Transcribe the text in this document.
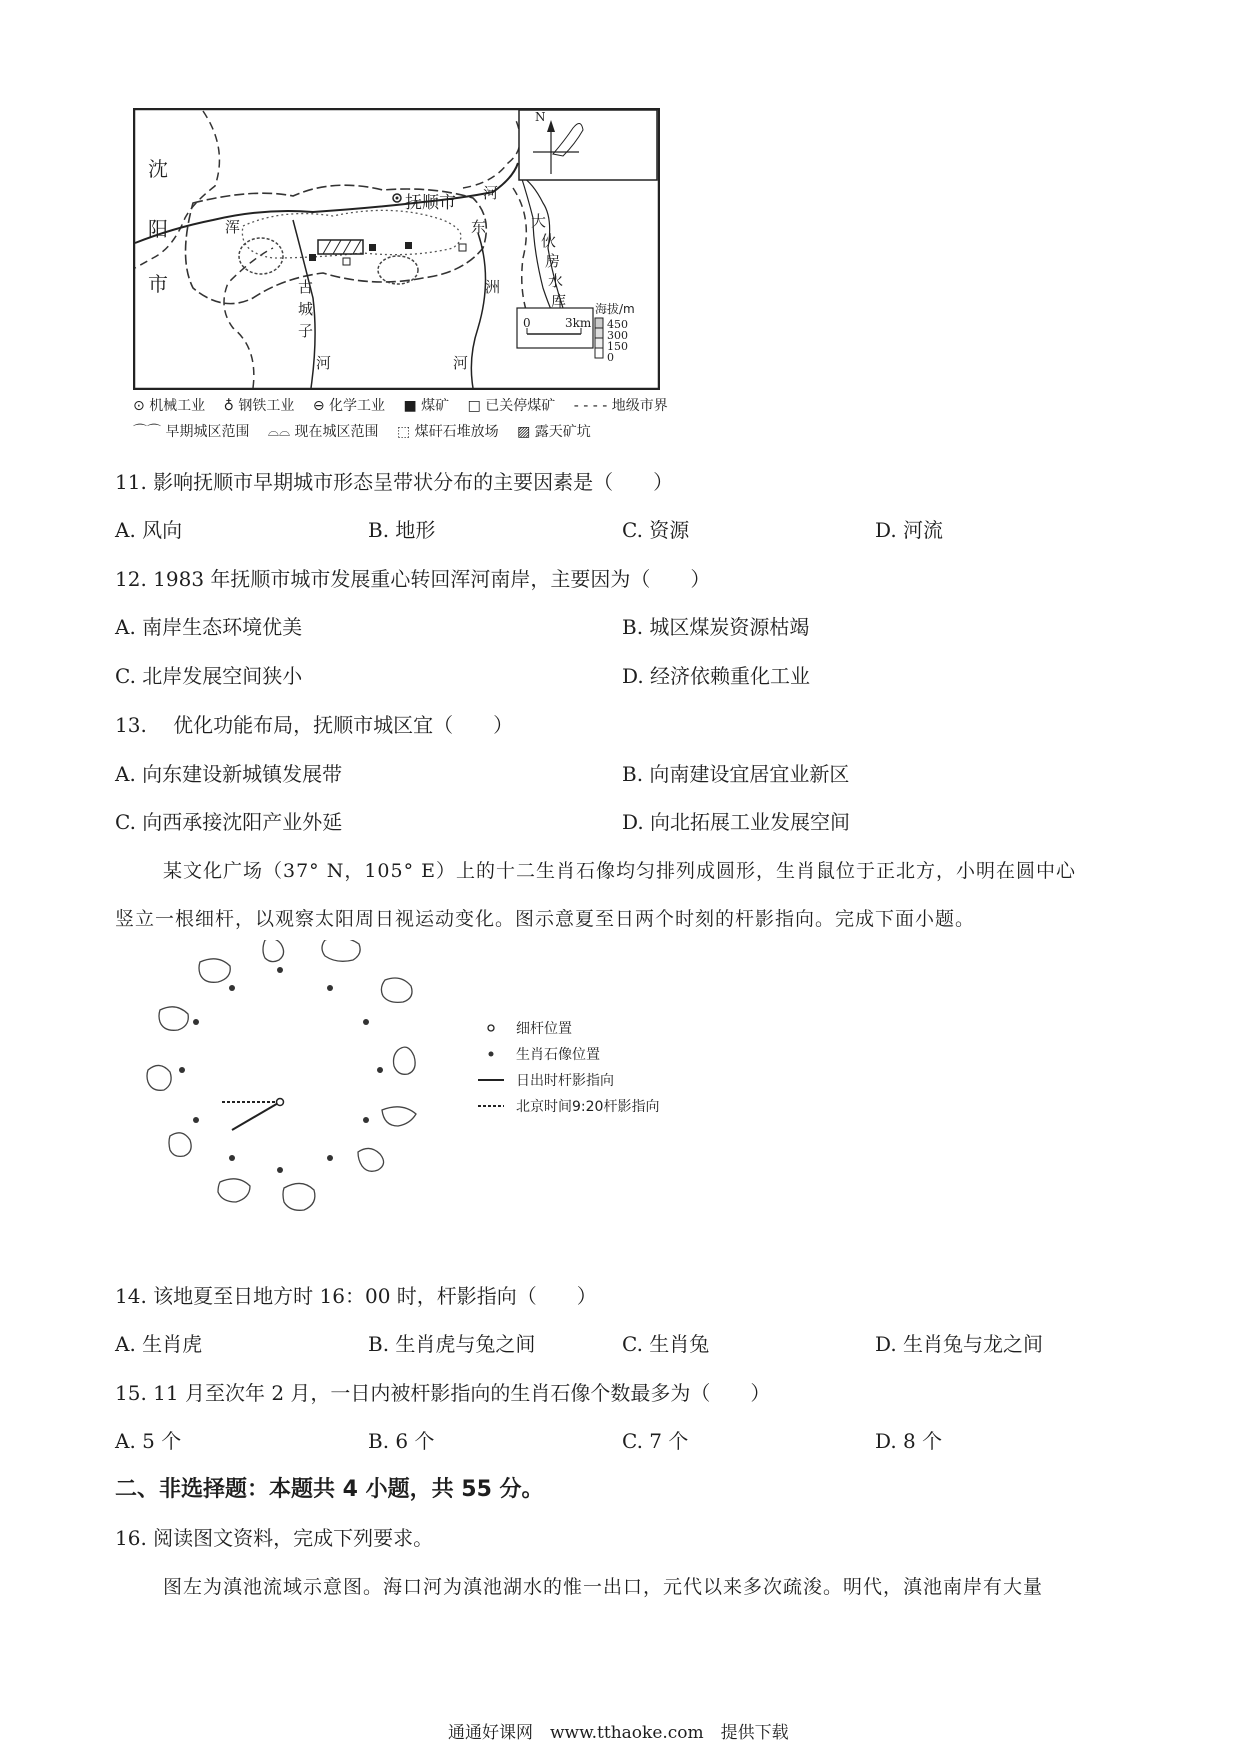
沈
阳
市
抚顺市 河
浑	东
洲
古
城
子
河	河
大
伙
房
水
库
N
海拔/m
450
300
150
0
0	3km
⊙ 机械工业　 ♁ 钢铁工业　 ⊖ 化学工业　 ■ 煤矿　 □ 已关停煤矿　 - - - - 地级市界
⌒⌒ 早期城区范围　 ⌓⌓ 现在城区范围　 ⬚ 煤矸石堆放场　 ▨ 露天矿坑
11. 影响抚顺市早期城市形态呈带状分布的主要因素是（　　）
A. 风向	B. 地形	C. 资源	D. 河流
12. 1983 年抚顺市城市发展重心转回浑河南岸，主要因为（　　）
A. 南岸生态环境优美	B. 城区煤炭资源枯竭
C. 北岸发展空间狭小	D. 经济依赖重化工业
13.　 优化功能布局，抚顺市城区宜（　　）
A. 向东建设新城镇发展带	B. 向南建设宜居宜业新区
C. 向西承接沈阳产业外延	D. 向北拓展工业发展空间
某文化广场（37° N，105° E）上的十二生肖石像均匀排列成圆形，生肖鼠位于正北方，小明在圆中心
竖立一根细杆，以观察太阳周日视运动变化。图示意夏至日两个时刻的杆影指向。完成下面小题。
细杆位置
生肖石像位置
日出时杆影指向
北京时间9:20杆影指向
14. 该地夏至日地方时 16：00 时，杆影指向（　　）
A. 生肖虎	B. 生肖虎与兔之间	C. 生肖兔	D. 生肖兔与龙之间
15. 11 月至次年 2 月，一日内被杆影指向的生肖石像个数最多为（　　）
A. 5 个	B. 6 个	C. 7 个	D. 8 个
二、非选择题：本题共 4 小题，共 55 分。
16. 阅读图文资料，完成下列要求。
图左为滇池流域示意图。海口河为滇池湖水的惟一出口，元代以来多次疏浚。明代，滇池南岸有大量
通通好课网　www.tthaoke.com　提供下载
